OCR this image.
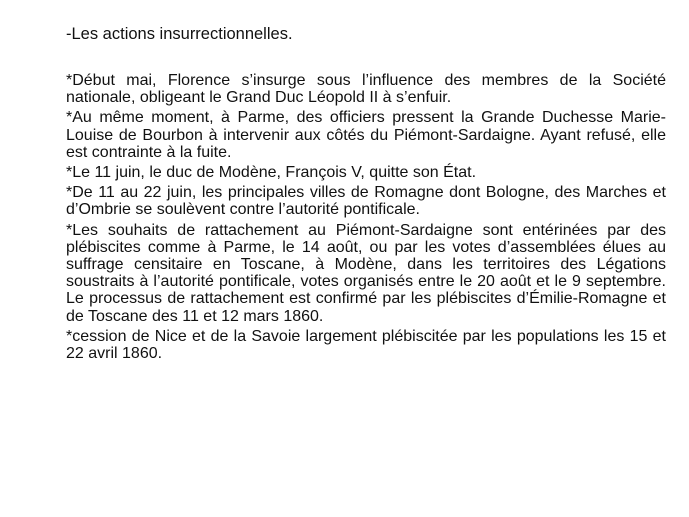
-Les actions insurrectionnelles.

*Début mai, Florence s’insurge sous l’influence des membres de la Société nationale, obligeant le Grand Duc Léopold II à s’enfuir.

*Au même moment, à Parme, des officiers pressent la Grande Duchesse Marie-Louise de Bourbon à intervenir aux côtés du Piémont-Sardaigne. Ayant refusé, elle est contrainte à la fuite.

*Le 11 juin, le duc de Modène, François V, quitte son État.

*De 11 au 22 juin, les principales villes de Romagne dont Bologne, des Marches et d’Ombrie se soulèvent contre l’autorité pontificale.

*Les souhaits de rattachement au Piémont-Sardaigne sont entérinées par des plébiscites comme à Parme, le 14 août, ou par les votes d’assemblées élues au suffrage censitaire en Toscane, à Modène, dans les territoires des Légations soustraits à l’autorité pontificale, votes organisés entre le 20 août et le 9 septembre. Le processus de rattachement est confirmé par les plébiscites d’Émilie-Romagne et de Toscane des 11 et 12 mars 1860.

*cession de Nice et de la Savoie largement plébiscitée par les populations les 15 et 22 avril 1860.
